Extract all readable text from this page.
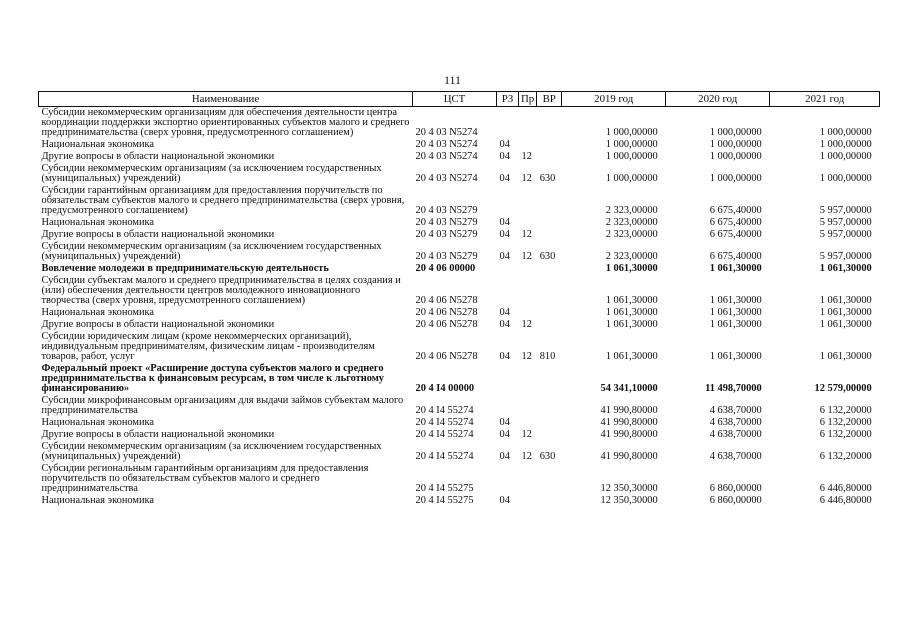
111
Наименование	ЦСТ	РЗ	Пр	ВР	2019 год	2020 год	2021 год
Субсидии некоммерческим организациям для обеспечения деятельности центра координации поддержки экспортно ориентированных субъектов малого и среднего предпринимательства (сверх уровня, предусмотренного соглашением)	20 4 03 N5274				1 000,00000	1 000,00000	1 000,00000
Национальная экономика	20 4 03 N5274	04			1 000,00000	1 000,00000	1 000,00000
Другие вопросы в области национальной экономики	20 4 03 N5274	04	12		1 000,00000	1 000,00000	1 000,00000
Субсидии некоммерческим организациям (за исключением государственных (муниципальных) учреждений)	20 4 03 N5274	04	12	630	1 000,00000	1 000,00000	1 000,00000
Субсидии гарантийным организациям для предоставления поручительств по обязательствам субъектов малого и среднего предпринимательства (сверх уровня, предусмотренного соглашением)	20 4 03 N5279				2 323,00000	6 675,40000	5 957,00000
Национальная экономика	20 4 03 N5279	04			2 323,00000	6 675,40000	5 957,00000
Другие вопросы в области национальной экономики	20 4 03 N5279	04	12		2 323,00000	6 675,40000	5 957,00000
Субсидии некоммерческим организациям (за исключением государственных (муниципальных) учреждений)	20 4 03 N5279	04	12	630	2 323,00000	6 675,40000	5 957,00000
Вовлечение молодежи в предпринимательскую деятельность	20 4 06 00000				1 061,30000	1 061,30000	1 061,30000
Субсидии субъектам малого и среднего предпринимательства в целях создания и (или) обеспечения деятельности центров молодежного инновационного творчества (сверх уровня, предусмотренного соглашением)	20 4 06 N5278				1 061,30000	1 061,30000	1 061,30000
Национальная экономика	20 4 06 N5278	04			1 061,30000	1 061,30000	1 061,30000
Другие вопросы в области национальной экономики	20 4 06 N5278	04	12		1 061,30000	1 061,30000	1 061,30000
Субсидии юридическим лицам (кроме некоммерческих организаций), индивидуальным предпринимателям, физическим лицам - производителям товаров, работ, услуг	20 4 06 N5278	04	12	810	1 061,30000	1 061,30000	1 061,30000
Федеральный проект «Расширение доступа субъектов малого и среднего предпринимательства к финансовым ресурсам, в том числе к льготному финансированию»	20 4 I4 00000				54 341,10000	11 498,70000	12 579,00000
Субсидии микрофинансовым организациям для выдачи займов субъектам малого предпринимательства	20 4 I4 55274				41 990,80000	4 638,70000	6 132,20000
Национальная экономика	20 4 I4 55274	04			41 990,80000	4 638,70000	6 132,20000
Другие вопросы в области национальной экономики	20 4 I4 55274	04	12		41 990,80000	4 638,70000	6 132,20000
Субсидии некоммерческим организациям (за исключением государственных (муниципальных) учреждений)	20 4 I4 55274	04	12	630	41 990,80000	4 638,70000	6 132,20000
Субсидии региональным гарантийным организациям для предоставления поручительств по обязательствам субъектов малого и среднего предпринимательства	20 4 I4 55275				12 350,30000	6 860,00000	6 446,80000
Национальная экономика	20 4 I4 55275	04			12 350,30000	6 860,00000	6 446,80000
